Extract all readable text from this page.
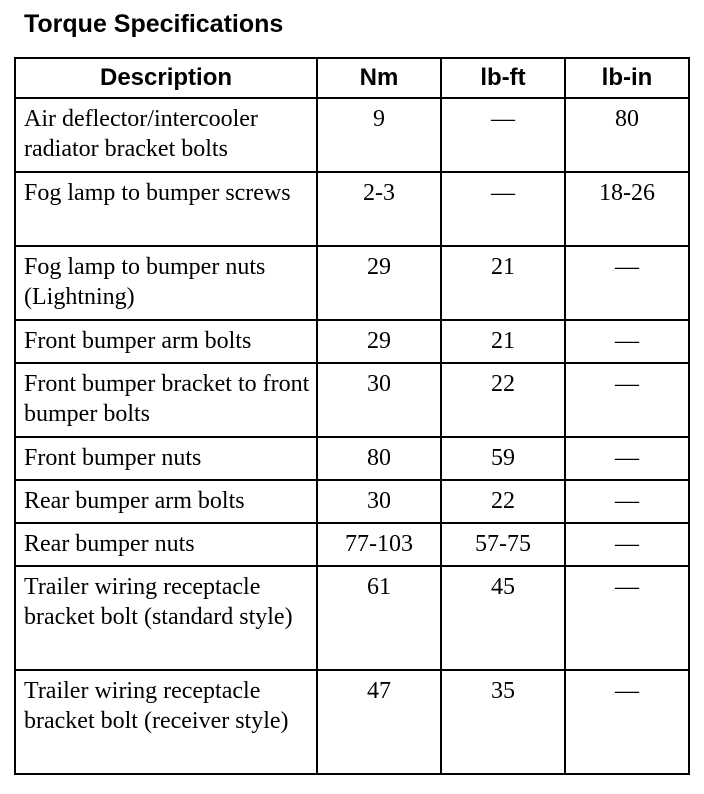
Torque Specifications
Description	Nm	lb-ft	lb-in
Air deflector/intercooler radiator bracket bolts	9	—	80
Fog lamp to bumper screws	2-3	—	18-26
Fog lamp to bumper nuts (Lightning)	29	21	—
Front bumper arm bolts	29	21	—
Front bumper bracket to front bumper bolts	30	22	—
Front bumper nuts	80	59	—
Rear bumper arm bolts	30	22	—
Rear bumper nuts	77-103	57-75	—
Trailer wiring receptacle bracket bolt (standard style)	61	45	—
Trailer wiring receptacle bracket bolt (receiver style)	47	35	—
